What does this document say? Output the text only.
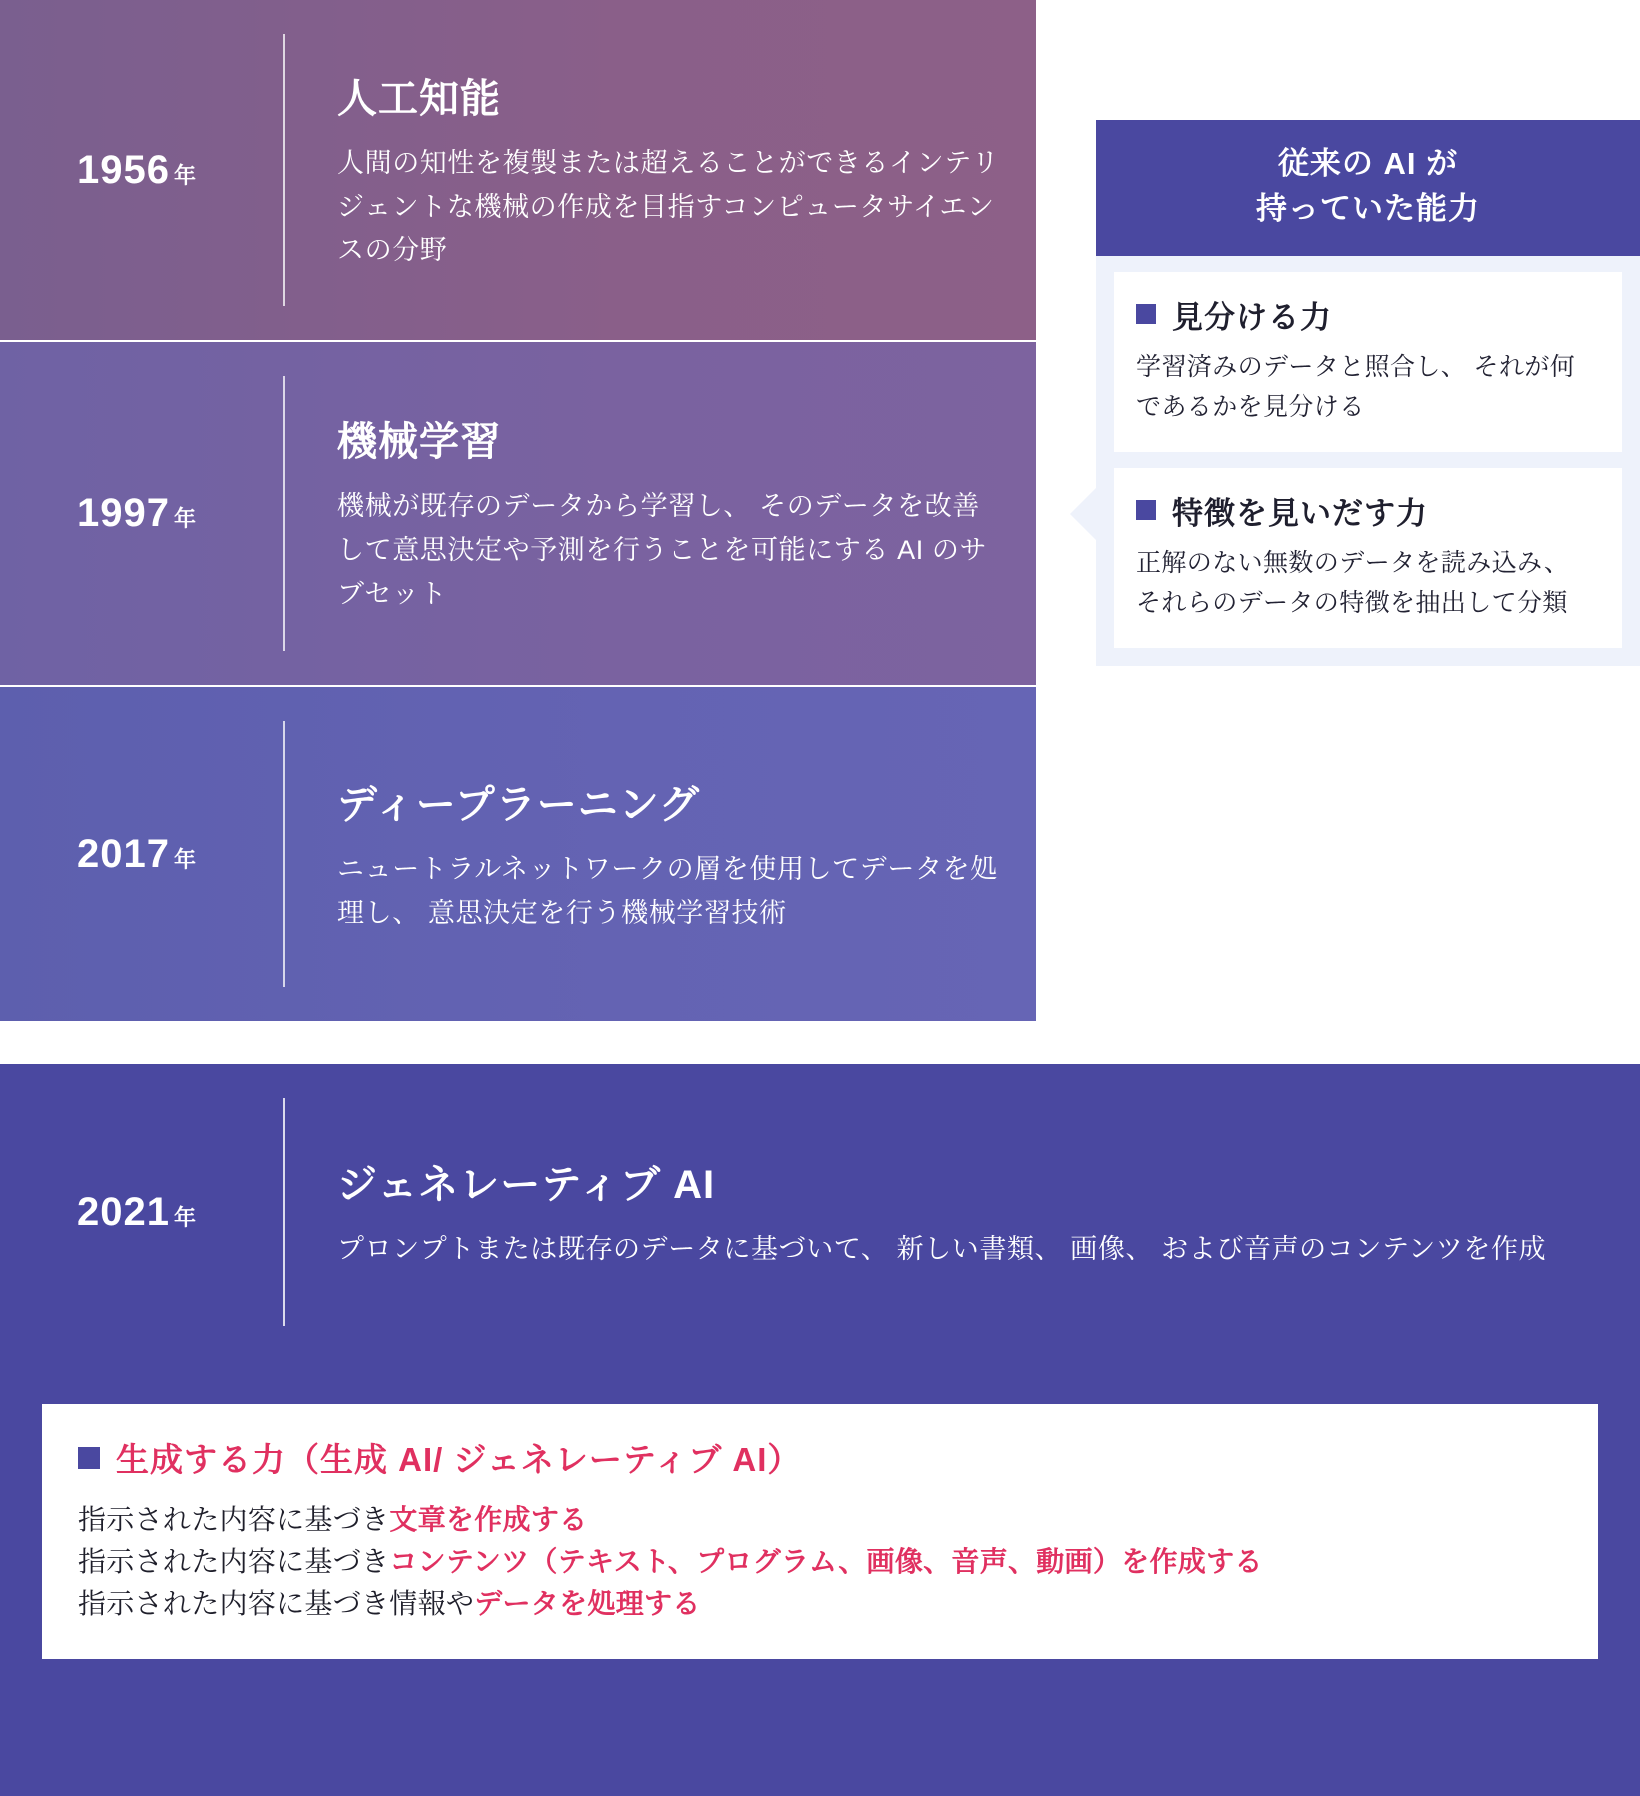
1956 年
人工知能
人間の知性を複製または超えることができるインテリジェントな機械の作成を目指すコンピュータサイエンスの分野
1997 年
機械学習
機械が既存のデータから学習し、 そのデータを改善して意思決定や予測を行うことを可能にする AI のサブセット
2017 年
ディープラーニング
ニュートラルネットワークの層を使用してデータを処理し、 意思決定を行う機械学習技術
従来の AI が
持っていた能力
見分ける力
学習済みのデータと照合し、 それが何であるかを見分ける
特徴を見いだす力
正解のない無数のデータを読み込み、 それらのデータの特徴を抽出して分類
2021 年
ジェネレーティブ AI
プロンプトまたは既存のデータに基づいて、 新しい書類、 画像、 および音声のコンテンツを作成
生成する力（生成 AI/ ジェネレーティブ AI）
指示された内容に基づき文章を作成する
指示された内容に基づきコンテンツ（テキスト、プログラム、画像、音声、動画）を作成する
指示された内容に基づき情報やデータを処理する
